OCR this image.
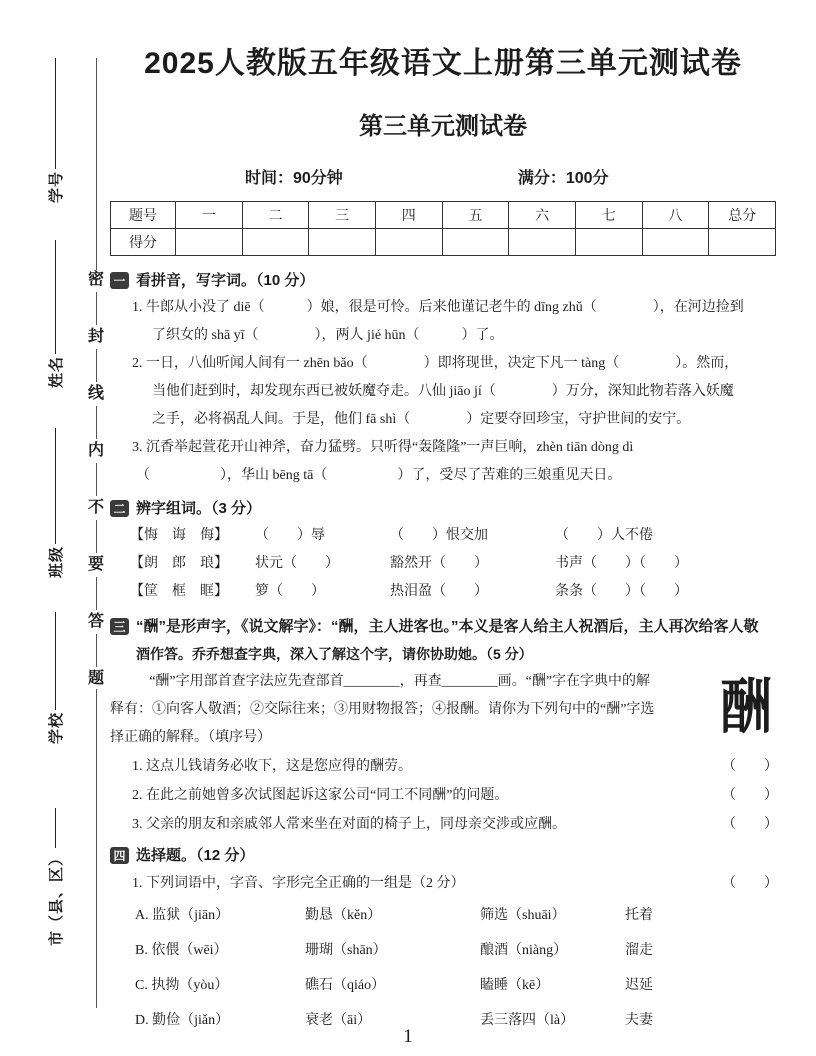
学号
姓名
班级
学校
市（县、区）
密
封
线
内
不
要
答
题
2025人教版五年级语文上册第三单元测试卷
第三单元测试卷
时间：90分钟	满分：100分
题号	一	二	三	四	五	六	七	八	总分
得分									
一 看拼音，写字词。（10 分）
1. 牛郎从小没了 diē（　　　）娘，很是可怜。后来他谨记老牛的 dīng zhǔ（　　　　），在河边捡到
了织女的 shā yī（　　　　），两人 jié hūn（　　　）了。
2. 一日，八仙听闻人间有一 zhēn bǎo（　　　　）即将现世，决定下凡一 tàng（　　　　）。然而，
当他们赶到时，却发现东西已被妖魔夺走。八仙 jiāo jí（　　　　）万分，深知此物若落入妖魔
之手，必将祸乱人间。于是，他们 fā shì（　　　　）定要夺回珍宝，守护世间的安宁。
3. 沉香举起萱花开山神斧，奋力猛劈。只听得“轰隆隆”一声巨响，zhèn tiān dòng dì
（　　　　　），华山 bēng tā（　　　　　）了，受尽了苦难的三娘重见天日。
二 辨字组词。（3 分）
【悔　诲　侮】	（　　）辱	（　　）恨交加	（　　）人不倦
【朗　郎　琅】	状元（　　）	豁然开（　　）	书声（　　）（　　）
【筐　框　眶】	箩（　　）	热泪盈（　　）	条条（　　）（　　）
三 “酬”是形声字，《说文解字》：“酬，主人进客也。”本义是客人给主人祝酒后，主人再次给客人敬
酒作答。乔乔想查字典，深入了解这个字，请你协助她。（5 分）
酬
“酬”字用部首查字法应先查部首________，再查________画。“酬”字在字典中的解
释有：①向客人敬酒；②交际往来；③用财物报答；④报酬。请你为下列句中的“酬”字选
择正确的解释。（填序号）
1. 这点儿钱请务必收下，这是您应得的酬劳。	（　　）
2. 在此之前她曾多次试图起诉这家公司“同工不同酬”的问题。	（　　）
3. 父亲的朋友和亲戚邻人常来坐在对面的椅子上，同母亲交涉或应酬。	（　　）
四 选择题。（12 分）
1. 下列词语中，字音、字形完全正确的一组是（2 分）	（　　）
A. 监狱（jiān）	勤恳（kěn）	筛选（shuāi）	托着
B. 依偎（wēi）	珊瑚（shān）	酿酒（niàng）	溜走
C. 执拗（yòu）	礁石（qiáo）	瞌睡（kē）	迟延
D. 勤俭（jiǎn）	衰老（āi）	丢三落四（là）	夫妻
1
